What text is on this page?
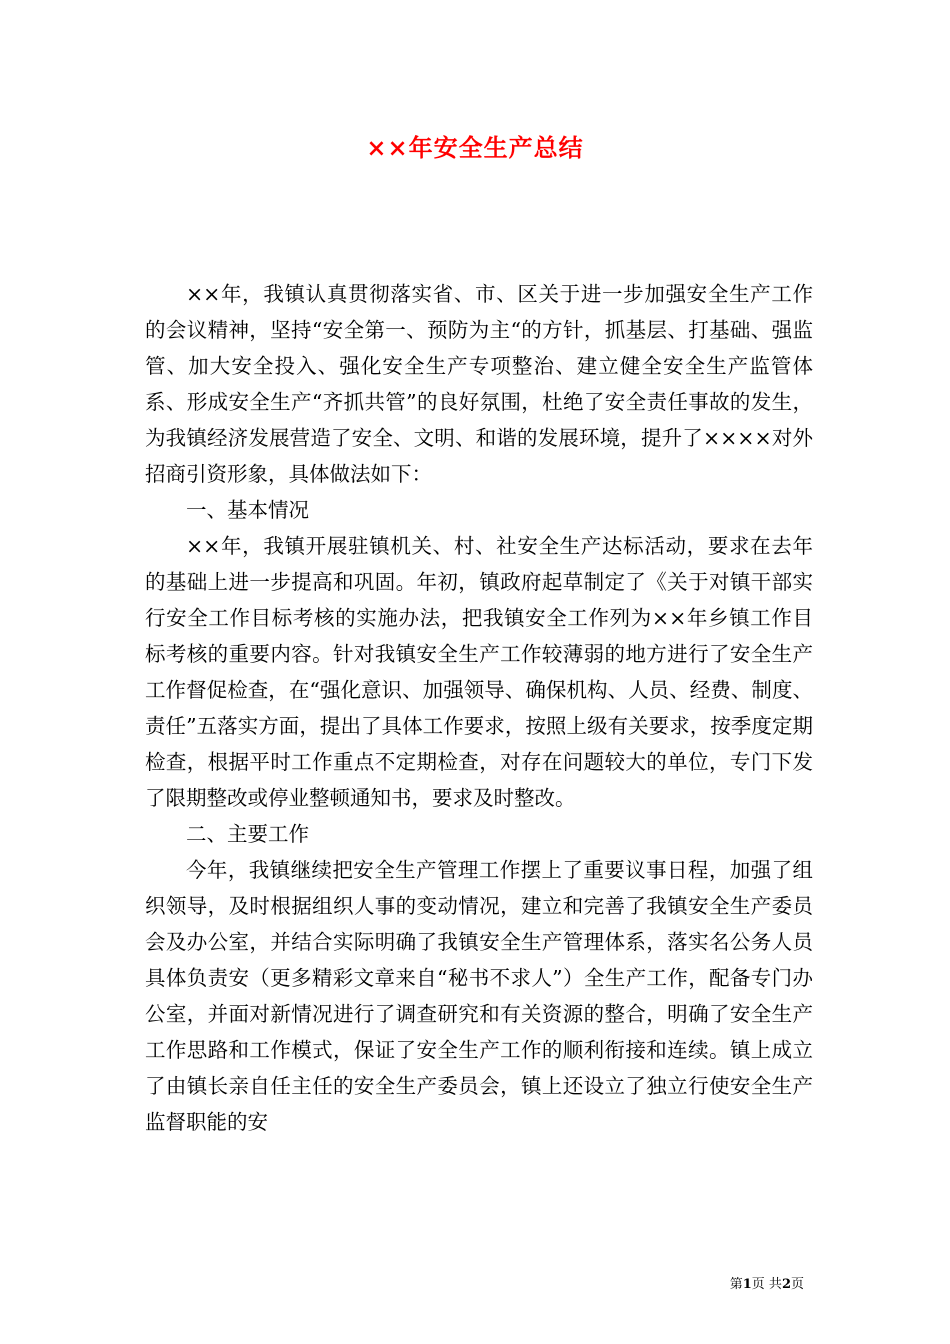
××年安全生产总结

××年，我镇认真贯彻落实省、市、区关于进一步加强安全生产工作的会议精神，坚持“安全第一、预防为主“的方针，抓基层、打基础、强监管、加大安全投入、强化安全生产专项整治、建立健全安全生产监管体系、形成安全生产“齐抓共管”的良好氛围，杜绝了安全责任事故的发生，为我镇经济发展营造了安全、文明、和谐的发展环境，提升了××××对外招商引资形象，具体做法如下：

一、基本情况

××年，我镇开展驻镇机关、村、社安全生产达标活动，要求在去年的基础上进一步提高和巩固。年初，镇政府起草制定了《关于对镇干部实行安全工作目标考核的实施办法，把我镇安全工作列为××年乡镇工作目标考核的重要内容。针对我镇安全生产工作较薄弱的地方进行了安全生产工作督促检查，在“强化意识、加强领导、确保机构、人员、经费、制度、责任”五落实方面，提出了具体工作要求，按照上级有关要求，按季度定期检查，根据平时工作重点不定期检查，对存在问题较大的单位，专门下发了限期整改或停业整顿通知书，要求及时整改。

二、主要工作

今年，我镇继续把安全生产管理工作摆上了重要议事日程，加强了组织领导，及时根据组织人事的变动情况，建立和完善了我镇安全生产委员会及办公室，并结合实际明确了我镇安全生产管理体系，落实名公务人员具体负责安（更多精彩文章来自“秘书不求人”）全生产工作，配备专门办公室，并面对新情况进行了调查研究和有关资源的整合，明确了安全生产工作思路和工作模式，保证了安全生产工作的顺利衔接和连续。镇上成立了由镇长亲自任主任的安全生产委员会，镇上还设立了独立行使安全生产监督职能的安

第1页 共2页
